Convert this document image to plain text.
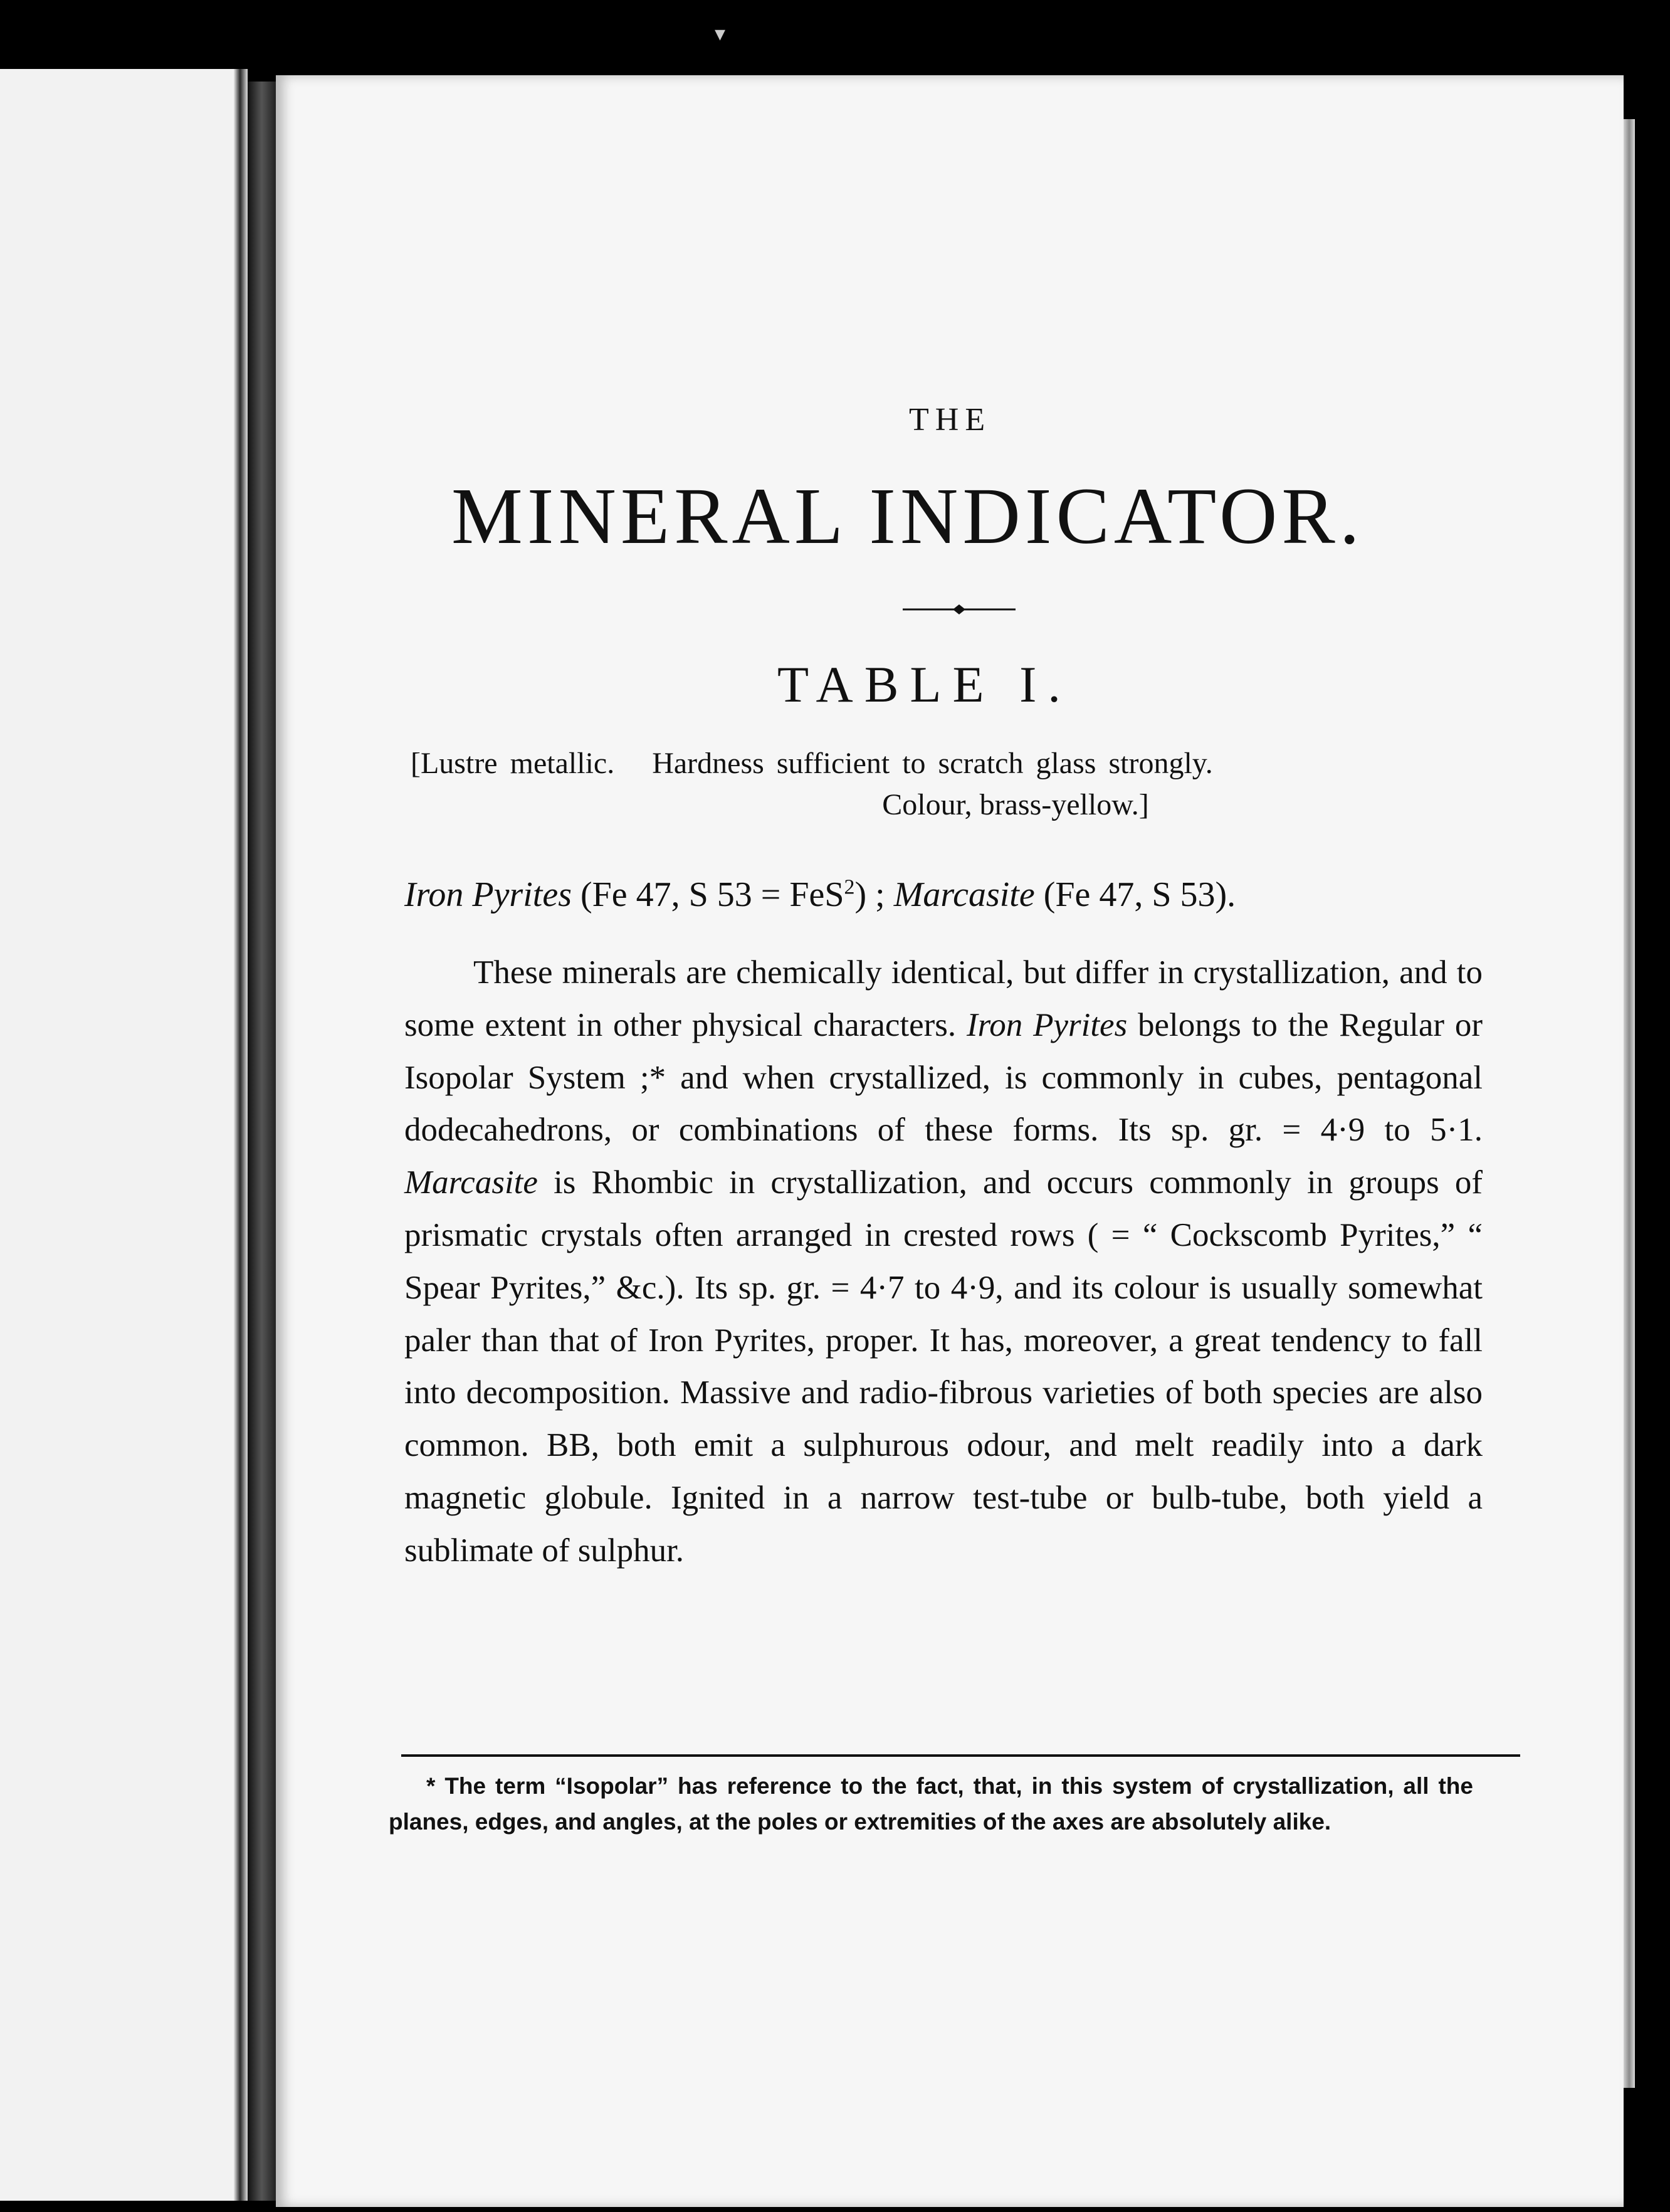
▾
THE
MINERAL INDICATOR.
TABLE I.
[Lustre metallic.   Hardness sufficient to scratch glass strongly.
Colour, brass-yellow.]
Iron Pyrites (Fe 47, S 53 = FeS$^2$) ; Marcasite (Fe 47, S 53).

These minerals are chemically identical, but differ in crystallization, and to some extent in other physical characters. Iron Pyrites belongs to the Regular or Isopolar System ;* and when crystallized, is commonly in cubes, pentagonal dodecahedrons, or combinations of these forms. Its sp. gr. = 4·9 to 5·1. Marcasite is Rhombic in crystallization, and occurs commonly in groups of prismatic crystals often arranged in crested rows ( = “ Cockscomb Pyrites,” “ Spear Pyrites,” &c.). Its sp. gr. = 4·7 to 4·9, and its colour is usually somewhat paler than that of Iron Pyrites, proper. It has, moreover, a great tendency to fall into decomposition. Massive and radio-fibrous varieties of both species are also common. BB, both emit a sulphurous odour, and melt readily into a dark magnetic globule. Ignited in a narrow test-tube or bulb-tube, both yield a sublimate of sulphur.

* The term “Isopolar” has reference to the fact, that, in this system of crystallization, all the planes, edges, and angles, at the poles or extremities of the axes are absolutely alike.
